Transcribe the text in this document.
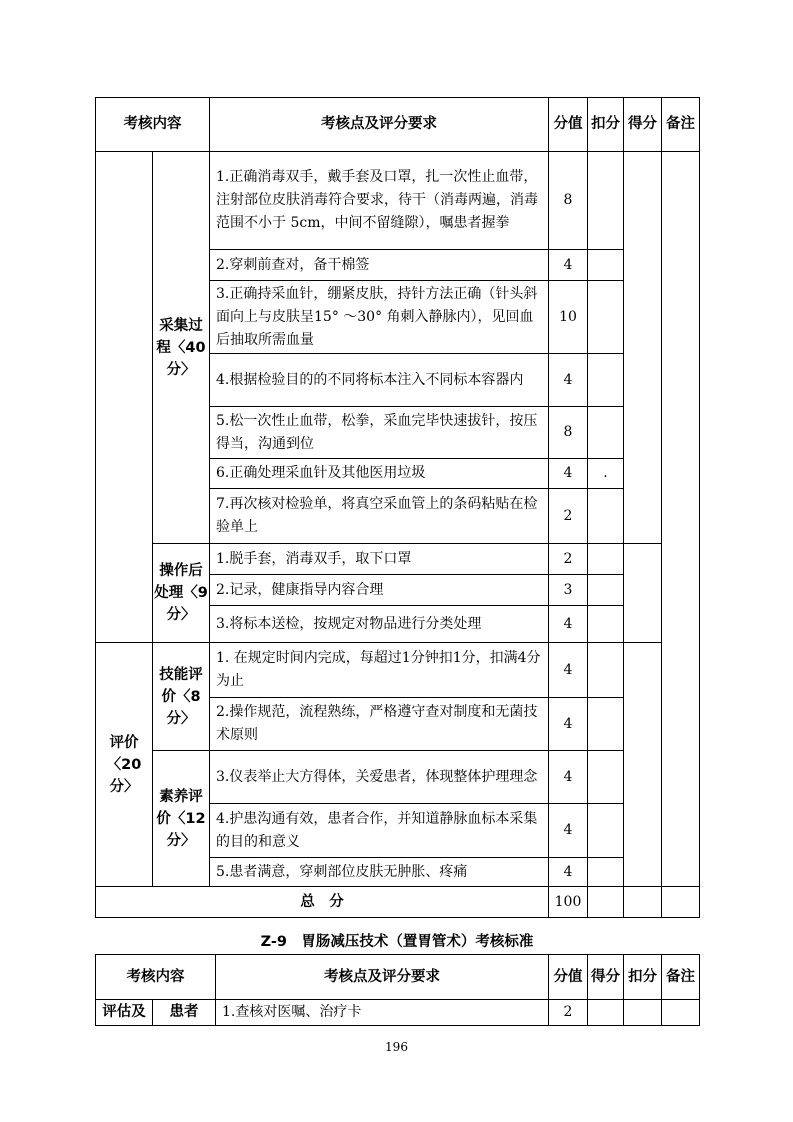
考核内容		考核点及评分要求	分值	扣分	得分	备注
	采集过程〈40分〉	1.正确消毒双手，戴手套及口罩，扎一次性止血带，注射部位皮肤消毒符合要求，待干（消毒两遍，消毒范围不小于 5cm，中间不留缝隙），嘱患者握拳	8			
		2.穿刺前查对，备干棉签	4			
		3.正确持采血针，绷紧皮肤，持针方法正确（针头斜面向上与皮肤呈15° ～30° 角刺入静脉内），见回血后抽取所需血量	10			
		4.根据检验目的的不同将标本注入不同标本容器内	4			
		5.松一次性止血带，松拳，采血完毕快速拔针，按压得当，沟通到位	8			
		6.正确处理采血针及其他医用垃圾	4	.		
		7.再次核对检验单，将真空采血管上的条码粘贴在检验单上	2			
	操作后处理〈9 分〉	1.脱手套，消毒双手，取下口罩	2			
		2.记录，健康指导内容合理	3			
		3.将标本送检，按规定对物品进行分类处理	4			
评价〈20分〉	技能评价〈8 分〉	1. 在规定时间内完成，每超过1分钟扣1分，扣满4分为止	4			
		2.操作规范，流程熟练，严格遵守查对制度和无菌技术原则	4			
	素养评价〈12 分〉	3.仪表举止大方得体，关爱患者，体现整体护理理念	4			
		4.护患沟通有效，患者合作，并知道静脉血标本采集的目的和意义	4			
		5.患者满意，穿刺部位皮肤无肿胀、疼痛	4			
总　分			100			
Z-9　胃肠减压技术（置胃管术）考核标准
考核内容		考核点及评分要求	分值	得分	扣分	备注
评估及	患者	1.查核对医嘱、治疗卡	2			
196
